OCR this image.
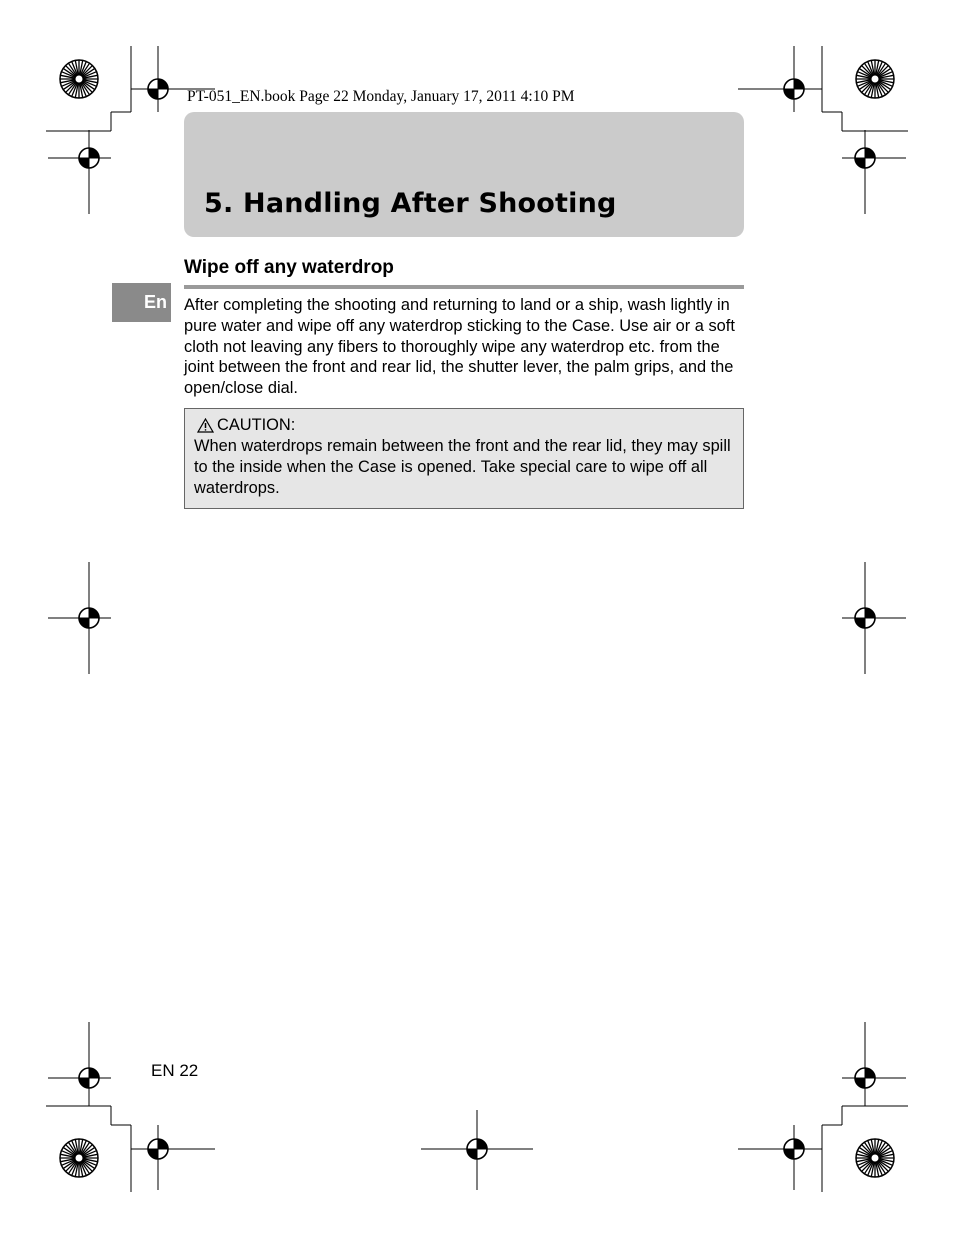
PT-051_EN.book Page 22 Monday, January 17, 2011 4:10 PM
5. Handling After Shooting
En
Wipe off any waterdrop

After completing the shooting and returning to land or a ship, wash lightly in pure water and wipe off any waterdrop sticking to the Case. Use air or a soft cloth not leaving any fibers to thoroughly wipe any waterdrop etc. from the joint between the front and rear lid, the shutter lever, the palm grips, and the open/close dial.

CAUTION:
When waterdrops remain between the front and the rear lid, they may spill to the inside when the Case is opened. Take special care to wipe off all waterdrops.
EN 22
